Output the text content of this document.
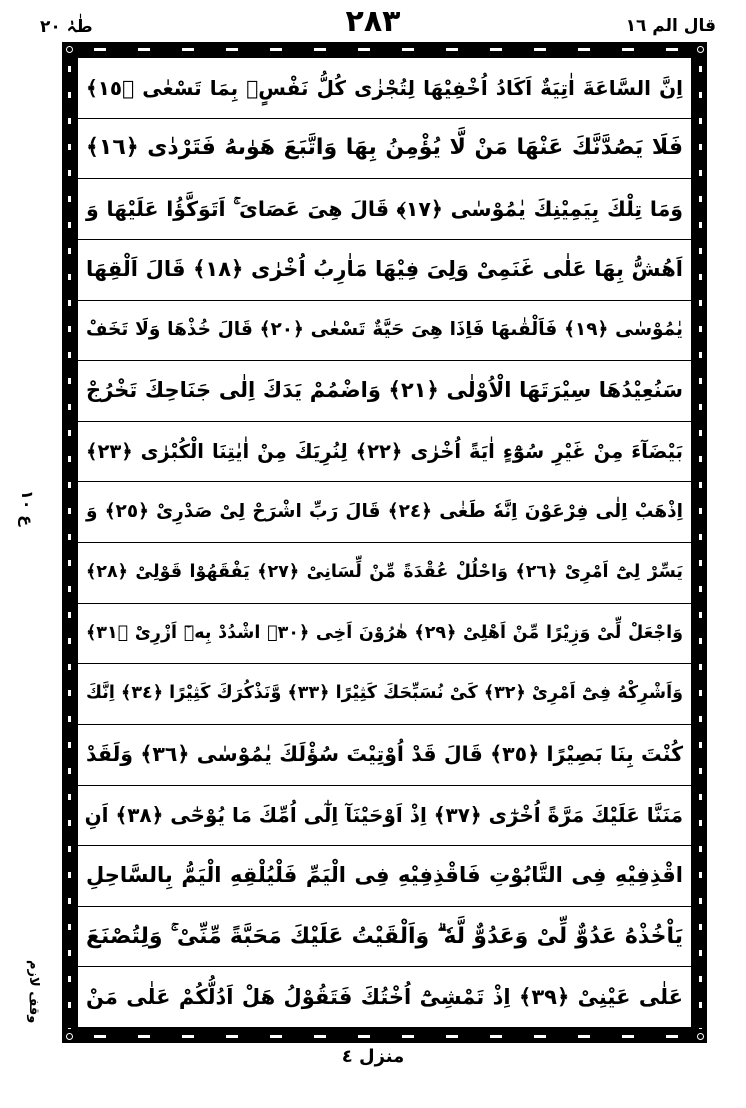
قال الم ١٦
٢٨٣
طٰہٰ ٢٠
اِنَّ السَّاعَةَ اٰتِيَةٌ اَكَادُ اُخْفِيْهَا لِتُجْزٰى كُلُّ نَفْسٍۢ بِمَا تَسْعٰى ﴿١٥﴾
فَلَا يَصُدَّنَّكَ عَنْهَا مَنْ لَّا يُؤْمِنُ بِهَا وَاتَّبَعَ هَوٰىهُ فَتَرْدٰى ﴿١٦﴾
وَمَا تِلْكَ بِيَمِيْنِكَ يٰمُوْسٰى ﴿١٧﴾ قَالَ هِىَ عَصَاىَ ۚ اَتَوَكَّؤُا عَلَيْهَا وَ
اَهُشُّ بِهَا عَلٰى غَنَمِىْ وَلِىَ فِيْهَا مَاٰرِبُ اُخْرٰى ﴿١٨﴾ قَالَ اَلْقِهَا
يٰمُوْسٰى ﴿١٩﴾ فَاَلْقٰىهَا فَاِذَا هِىَ حَيَّةٌ تَسْعٰى ﴿٢٠﴾ قَالَ خُذْهَا وَلَا تَخَفْ
سَنُعِيْدُهَا سِيْرَتَهَا الْاُوْلٰى ﴿٢١﴾ وَاضْمُمْ يَدَكَ اِلٰى جَنَاحِكَ تَخْرُجْ
بَيْضَآءَ مِنْ غَيْرِ سُوْٓءٍ اٰيَةً اُخْرٰى ﴿٢٢﴾ لِنُرِيَكَ مِنْ اٰيٰتِنَا الْكُبْرٰى ﴿٢٣﴾
اِذْهَبْ اِلٰى فِرْعَوْنَ اِنَّهٗ طَغٰى ﴿٢٤﴾ قَالَ رَبِّ اشْرَحْ لِىْ صَدْرِىْ ﴿٢٥﴾ وَ
يَسِّرْ لِىْٓ اَمْرِىْ ﴿٢٦﴾ وَاحْلُلْ عُقْدَةً مِّنْ لِّسَانِىْ ﴿٢٧﴾ يَفْقَهُوْا قَوْلِىْ ﴿٢٨﴾
وَاجْعَلْ لِّىْ وَزِيْرًا مِّنْ اَهْلِىْ ﴿٢٩﴾ هٰرُوْنَ اَخِى ﴿٣٠﴾ اشْدُدْ بِهٖٓ اَزْرِىْ ﴿٣١﴾
وَاَشْرِكْهُ فِىْٓ اَمْرِىْ ﴿٣٢﴾ كَىْ نُسَبِّحَكَ كَثِيْرًا ﴿٣٣﴾ وَّنَذْكُرَكَ كَثِيْرًا ﴿٣٤﴾ اِنَّكَ
كُنْتَ بِنَا بَصِيْرًا ﴿٣٥﴾ قَالَ قَدْ اُوْتِيْتَ سُؤْلَكَ يٰمُوْسٰى ﴿٣٦﴾ وَلَقَدْ
مَنَنَّا عَلَيْكَ مَرَّةً اُخْرٰٓى ﴿٣٧﴾ اِذْ اَوْحَيْنَآ اِلٰٓى اُمِّكَ مَا يُوْحٰٓى ﴿٣٨﴾ اَنِ
اقْذِفِيْهِ فِى التَّابُوْتِ فَاقْذِفِيْهِ فِى الْيَمِّ فَلْيُلْقِهِ الْيَمُّ بِالسَّاحِلِ
يَاْخُذْهُ عَدُوٌّ لِّىْ وَعَدُوٌّ لَّهٗ ۗ وَاَلْقَيْتُ عَلَيْكَ مَحَبَّةً مِّنِّىْ ۚ وَلِتُصْنَعَ
عَلٰى عَيْنِىْ ﴿٣٩﴾ اِذْ تَمْشِىْٓ اُخْتُكَ فَتَقُوْلُ هَلْ اَدُلُّكُمْ عَلٰى مَنْ
ع ١٠
وقف لازم
منزل ٤
